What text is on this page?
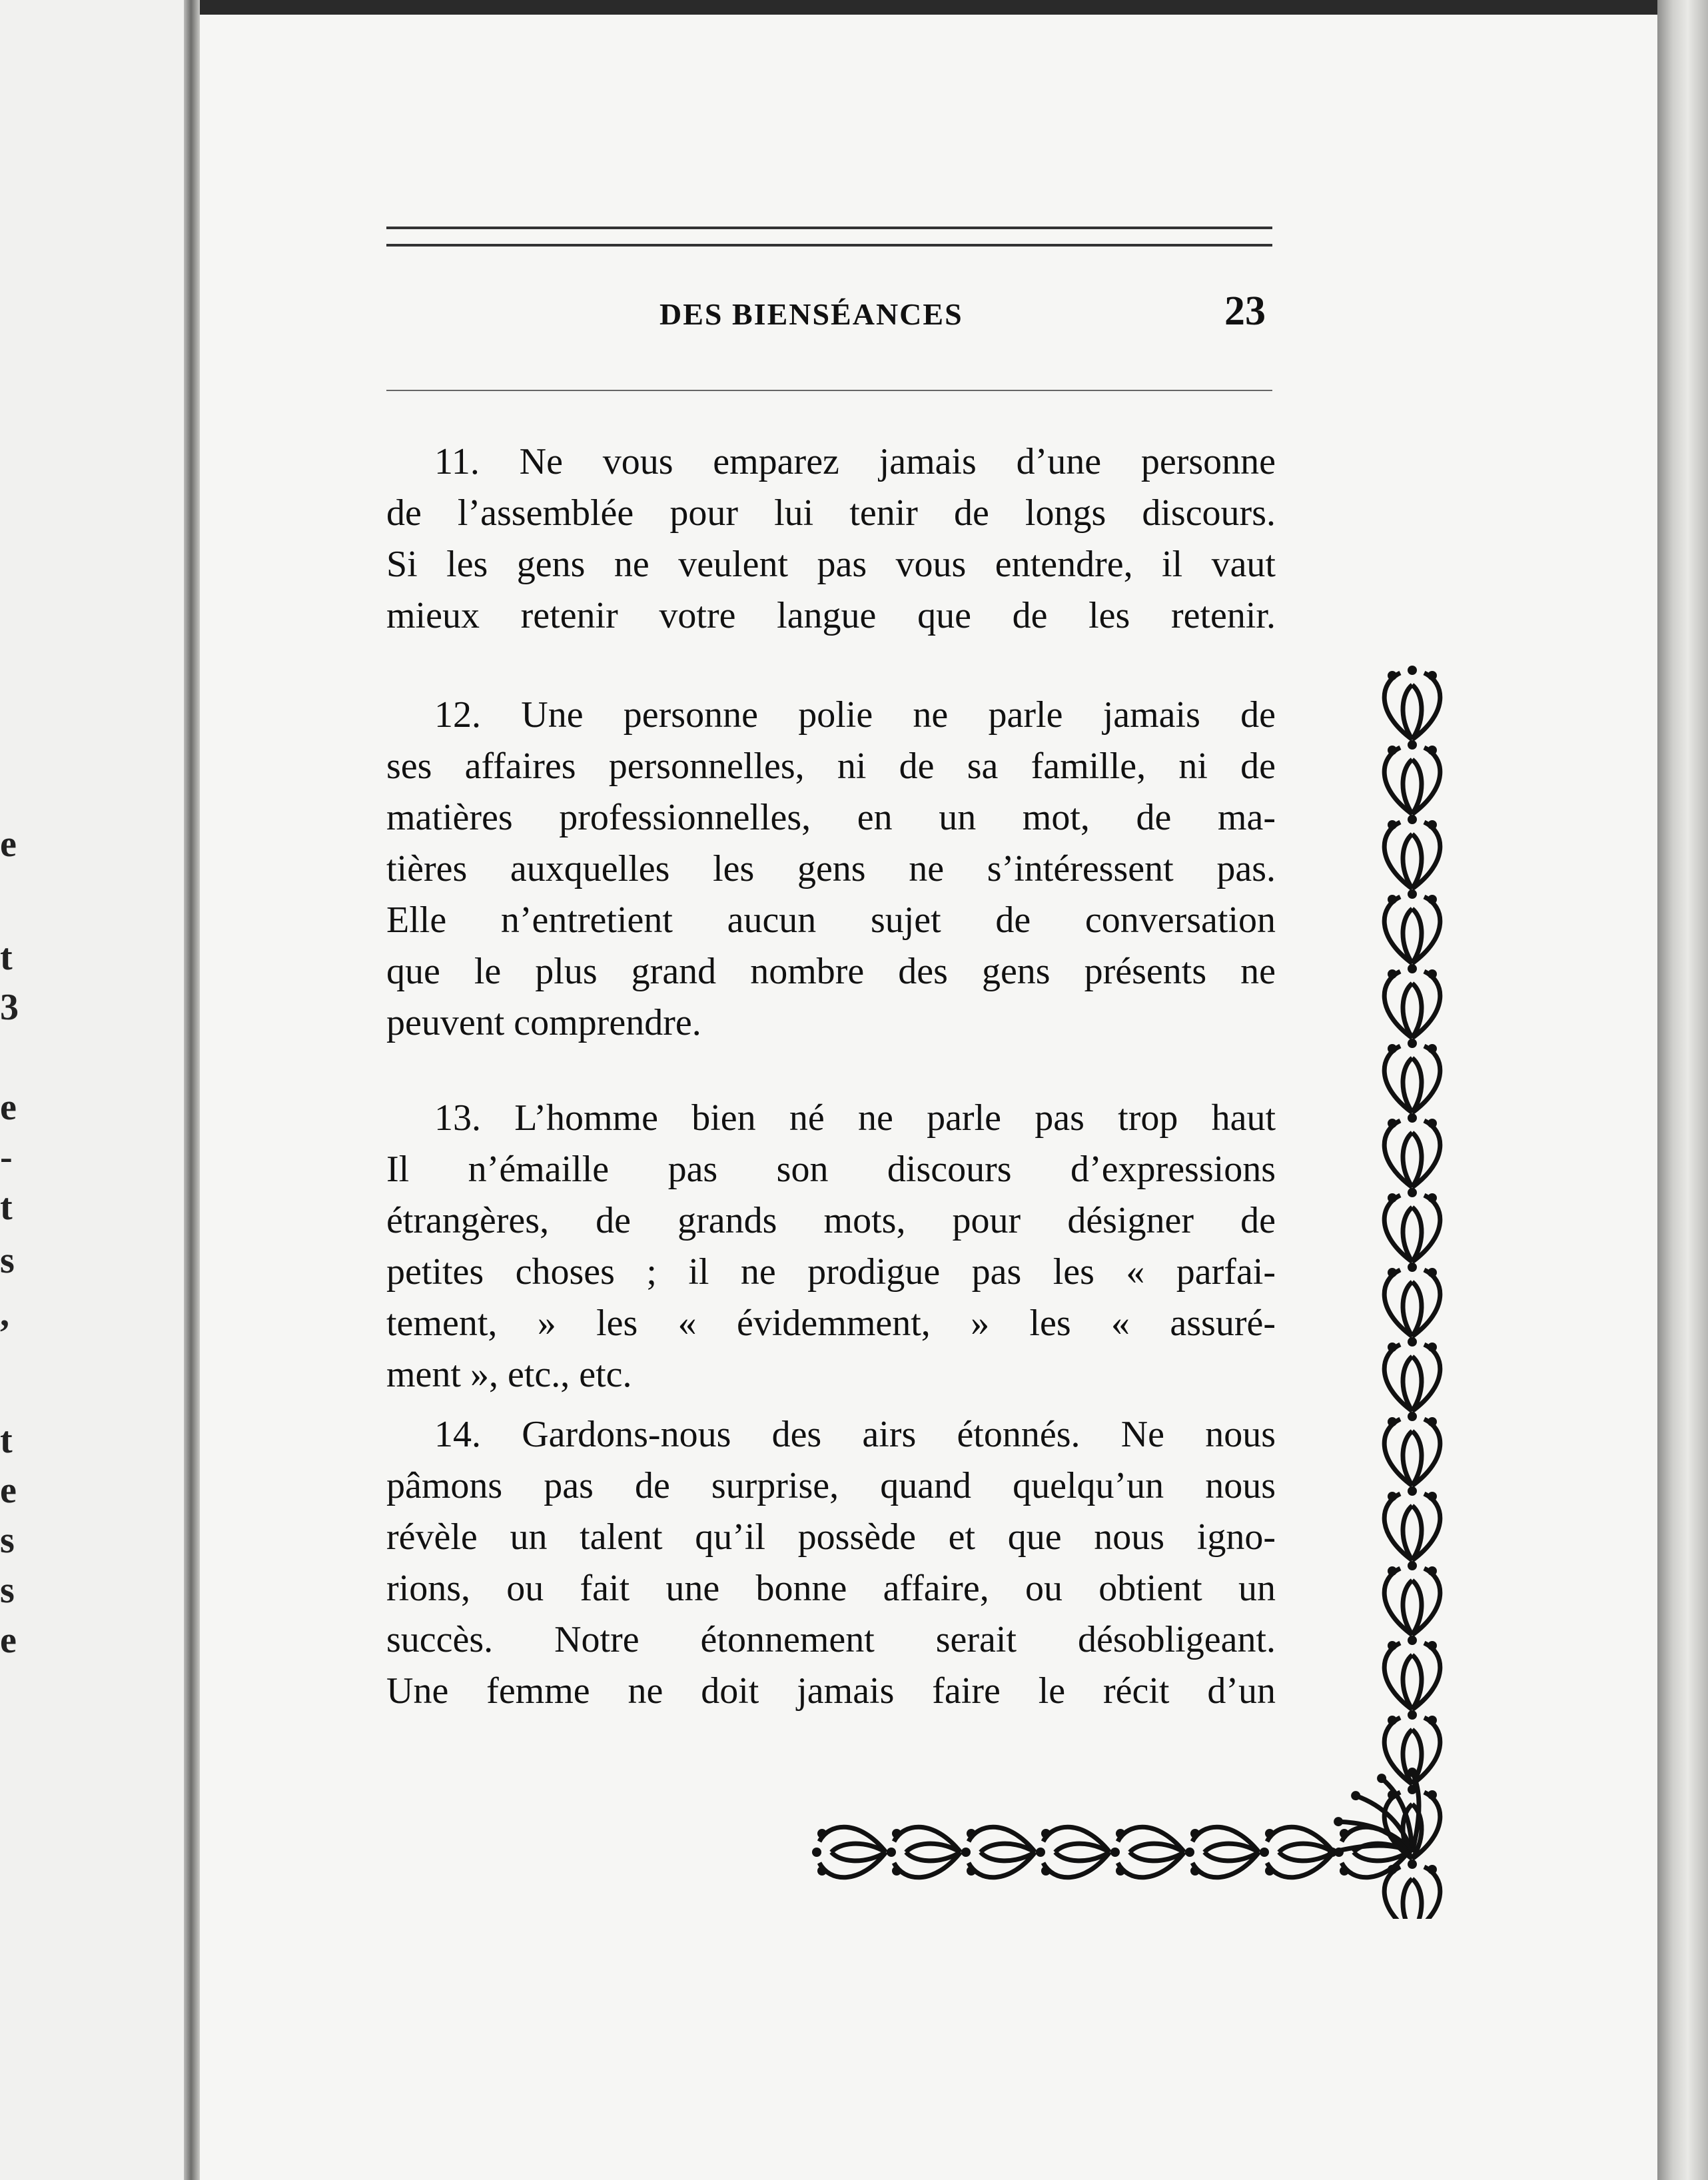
e
t
3
e
-
t
s
,
t
e
s
s
e
DES BIENSÉANCES	23

11. Ne vous emparez jamais d’une personne
de l’assemblée pour lui tenir de longs discours.
Si les gens ne veulent pas vous entendre, il vaut
mieux retenir votre langue que de les retenir.

12. Une personne polie ne parle jamais de
ses affaires personnelles, ni de sa famille, ni de
matières professionnelles, en un mot, de ma-
tières auxquelles les gens ne s’intéressent pas.
Elle n’entretient aucun sujet de conversation
que le plus grand nombre des gens présents ne
peuvent comprendre.

13. L’homme bien né ne parle pas trop haut
Il n’émaille pas son discours d’expressions
étrangères, de grands mots, pour désigner de
petites choses ; il ne prodigue pas les « parfai-
tement, » les « évidemment, » les « assuré-
ment », etc., etc.

14. Gardons-nous des airs étonnés. Ne nous
pâmons pas de surprise, quand quelqu’un nous
révèle un talent qu’il possède et que nous igno-
rions, ou fait une bonne affaire, ou obtient un
succès. Notre étonnement serait désobligeant.
Une femme ne doit jamais faire le récit d’un
